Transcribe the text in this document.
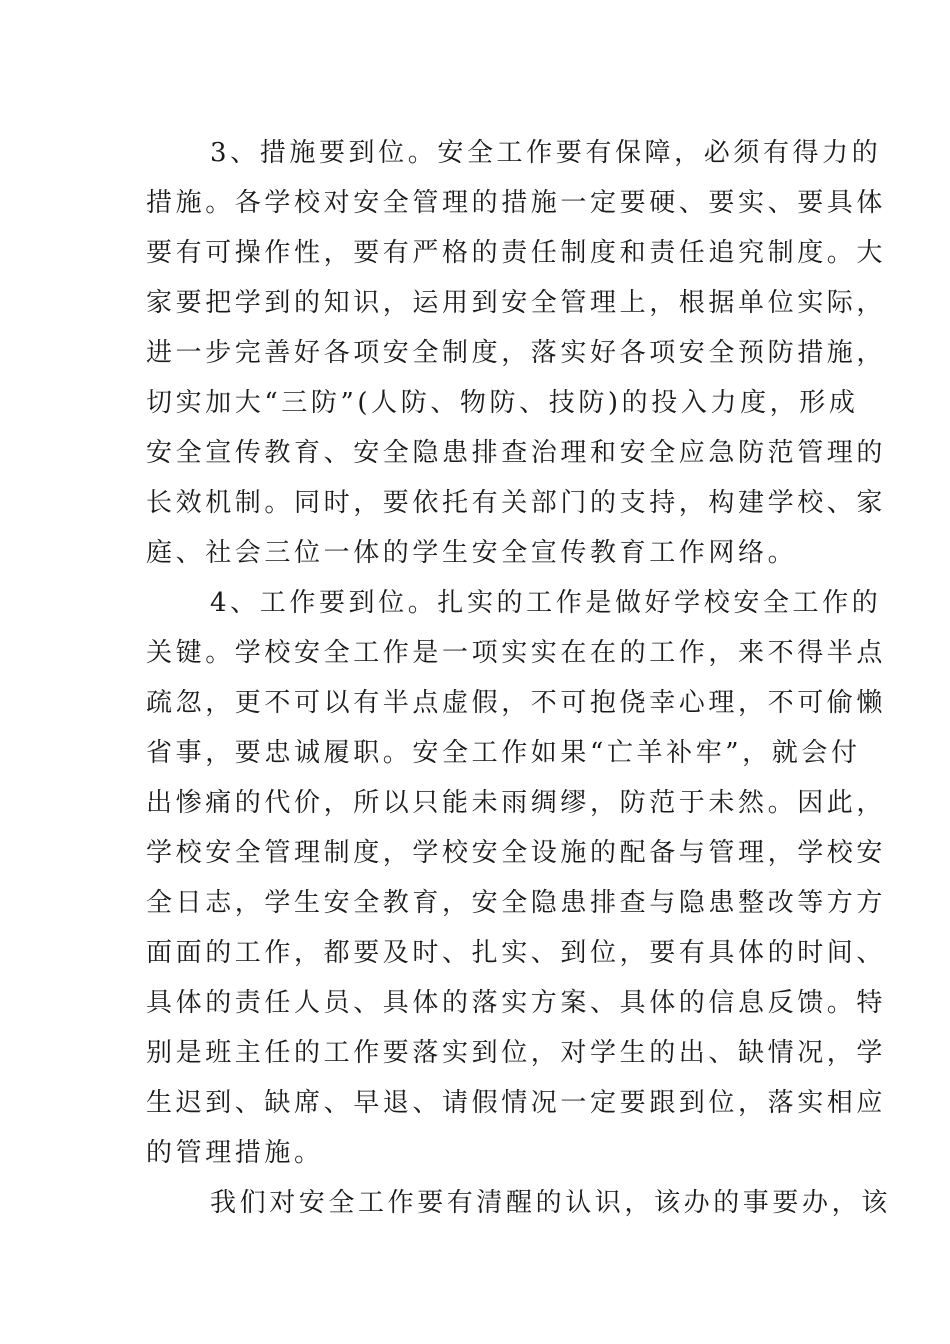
3、措施要到位。安全工作要有保障，必须有得力的
措施。各学校对安全管理的措施一定要硬、要实、要具体
要有可操作性，要有严格的责任制度和责任追究制度。大
家要把学到的知识，运用到安全管理上，根据单位实际，
进一步完善好各项安全制度，落实好各项安全预防措施，
切实加大“三防”(人防、物防、技防)的投入力度，形成
安全宣传教育、安全隐患排查治理和安全应急防范管理的
长效机制。同时，要依托有关部门的支持，构建学校、家
庭、社会三位一体的学生安全宣传教育工作网络。
4、工作要到位。扎实的工作是做好学校安全工作的
关键。学校安全工作是一项实实在在的工作，来不得半点
疏忽，更不可以有半点虚假，不可抱侥幸心理，不可偷懒
省事，要忠诚履职。安全工作如果“亡羊补牢”，就会付
出惨痛的代价，所以只能未雨绸缪，防范于未然。因此，
学校安全管理制度，学校安全设施的配备与管理，学校安
全日志，学生安全教育，安全隐患排查与隐患整改等方方
面面的工作，都要及时、扎实、到位，要有具体的时间、
具体的责任人员、具体的落实方案、具体的信息反馈。特
别是班主任的工作要落实到位，对学生的出、缺情况，学
生迟到、缺席、早退、请假情况一定要跟到位，落实相应
的管理措施。
我们对安全工作要有清醒的认识，该办的事要办，该
